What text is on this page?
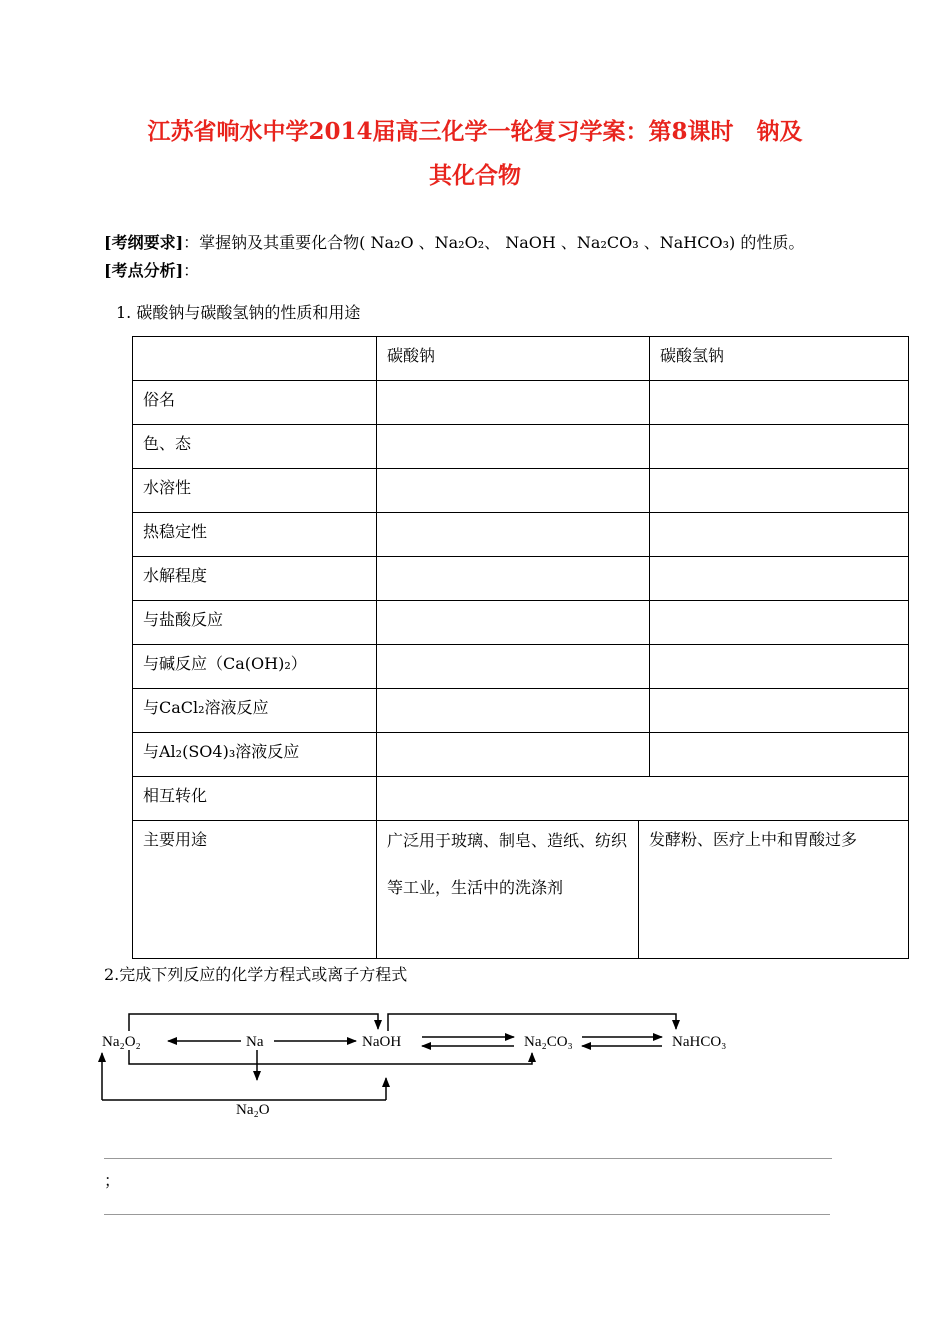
江苏省响水中学2014届高三化学一轮复习学案：第8课时　钠及
其化合物
[考纲要求]：掌握钠及其重要化合物( Na₂O 、Na₂O₂、 NaOH 、Na₂CO₃ 、NaHCO₃) 的性质。
[考点分析]：
1. 碳酸钠与碳酸氢钠的性质和用途

	碳酸钠		碳酸氢钠

俗名			

色、态			

水溶性			

热稳定性			

水解程度			

与盐酸反应			

与碱反应（Ca(OH)₂）			

与CaCl₂溶液反应			

与Al₂(SO4)₃溶液反应			

相互转化			

主要用途	广泛用于玻璃、制皂、造纸、纺织等工业，生活中的洗涤剂	发酵粉、医疗上中和胃酸过多	
2.完成下列反应的化学方程式或离子方程式
Na₂O₂	Na	NaOH	Na₂CO₃	NaHCO₃
Na₂O
；
